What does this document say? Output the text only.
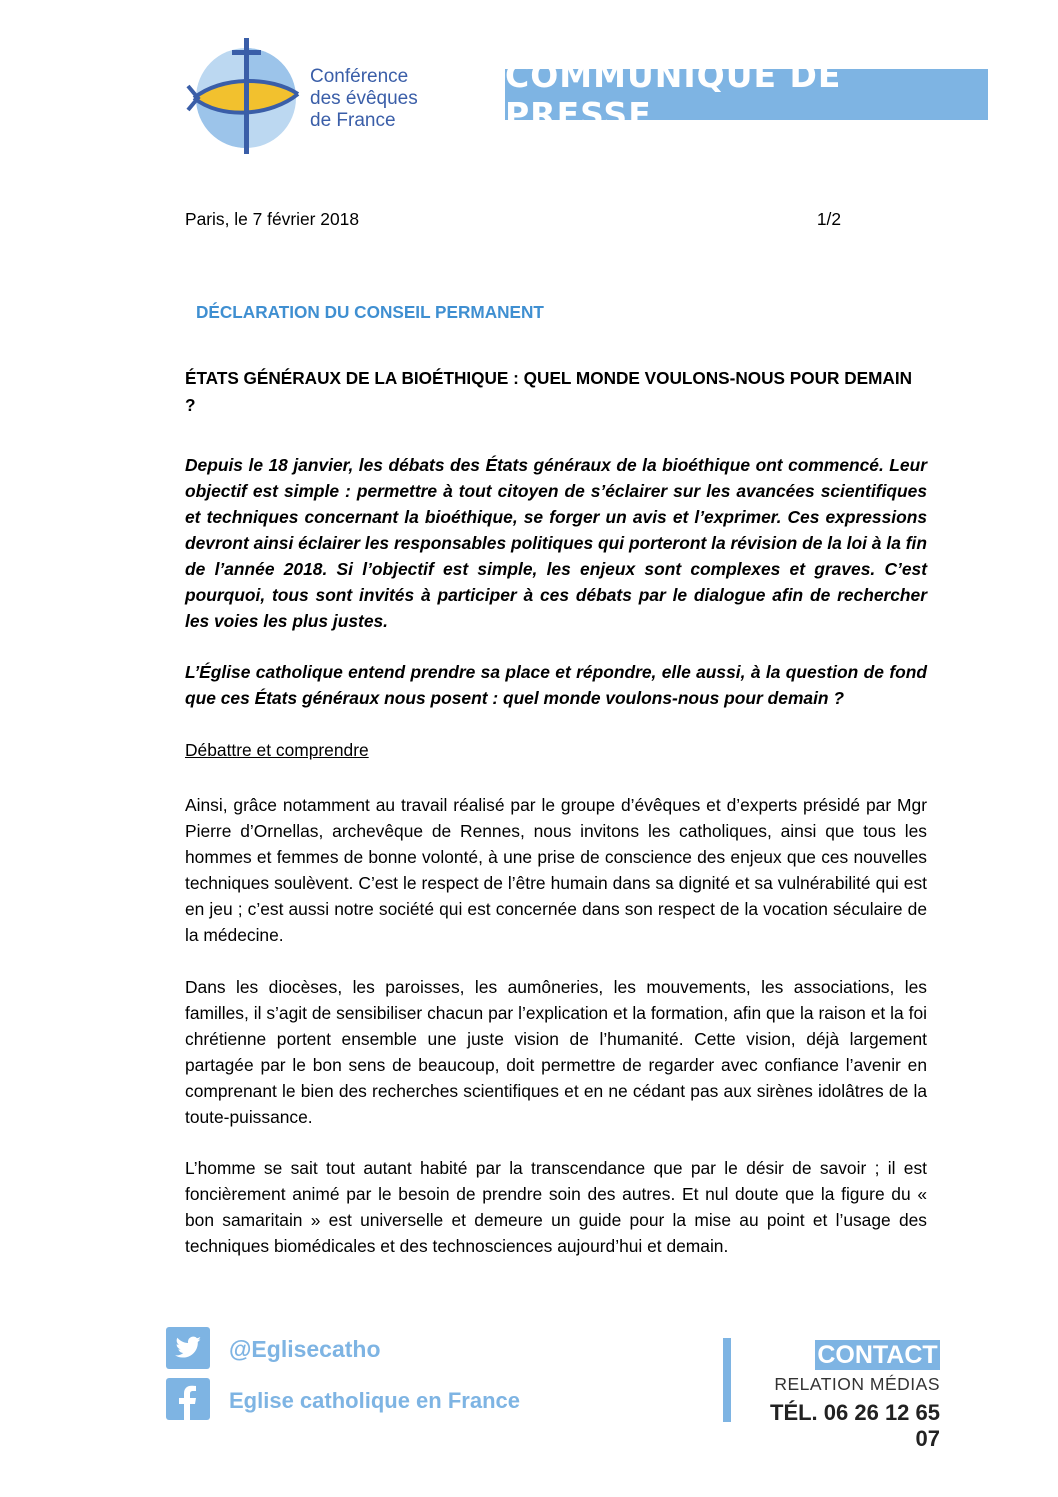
Conférence
des évêques
de France
COMMUNIQUÉ DE PRESSE
Paris, le 7 février 2018	1/2
DÉCLARATION DU CONSEIL PERMANENT
ÉTATS GÉNÉRAUX DE LA BIOÉTHIQUE : QUEL MONDE VOULONS-NOUS POUR DEMAIN ?
Depuis le 18 janvier, les débats des États généraux de la bioéthique ont commencé. Leur objectif est simple : permettre à tout citoyen de s’éclairer sur les avancées scientifiques et techniques concernant la bioéthique, se forger un avis et l’exprimer. Ces expressions devront ainsi éclairer les responsables politiques qui porteront la révision de la loi à la fin de l’année 2018. Si l’objectif est simple, les enjeux sont complexes et graves. C’est pourquoi, tous sont invités à participer à ces débats par le dialogue afin de rechercher les voies les plus justes.
L’Église catholique entend prendre sa place et répondre, elle aussi, à la question de fond que ces États généraux nous posent : quel monde voulons-nous pour demain ?
Débattre et comprendre
Ainsi, grâce notamment au travail réalisé par le groupe d’évêques et d’experts présidé par Mgr Pierre d’Ornellas, archevêque de Rennes, nous invitons les catholiques, ainsi que tous les hommes et femmes de bonne volonté, à une prise de conscience des enjeux que ces nouvelles techniques soulèvent. C’est le respect de l’être humain dans sa dignité et sa vulnérabilité qui est en jeu ; c’est aussi notre société qui est concernée dans son respect de la vocation séculaire de la médecine.
Dans les diocèses, les paroisses, les aumôneries, les mouvements, les associations, les familles, il s’agit de sensibiliser chacun par l’explication et la formation, afin que la raison et la foi chrétienne portent ensemble une juste vision de l’humanité. Cette vision, déjà largement partagée par le bon sens de beaucoup, doit permettre de regarder avec confiance l’avenir en comprenant le bien des recherches scientifiques et en ne cédant pas aux sirènes idolâtres de la toute-puissance.
L’homme se sait tout autant habité par la transcendance que par le désir de savoir ; il est foncièrement animé par le besoin de prendre soin des autres. Et nul doute que la figure du « bon samaritain » est universelle et demeure un guide pour la mise au point et l’usage des techniques biomédicales et des technosciences aujourd’hui et demain.
@Eglisecatho
Eglise catholique en France
CONTACT
RELATION MÉDIAS
TÉL. 06 26 12 65 07
